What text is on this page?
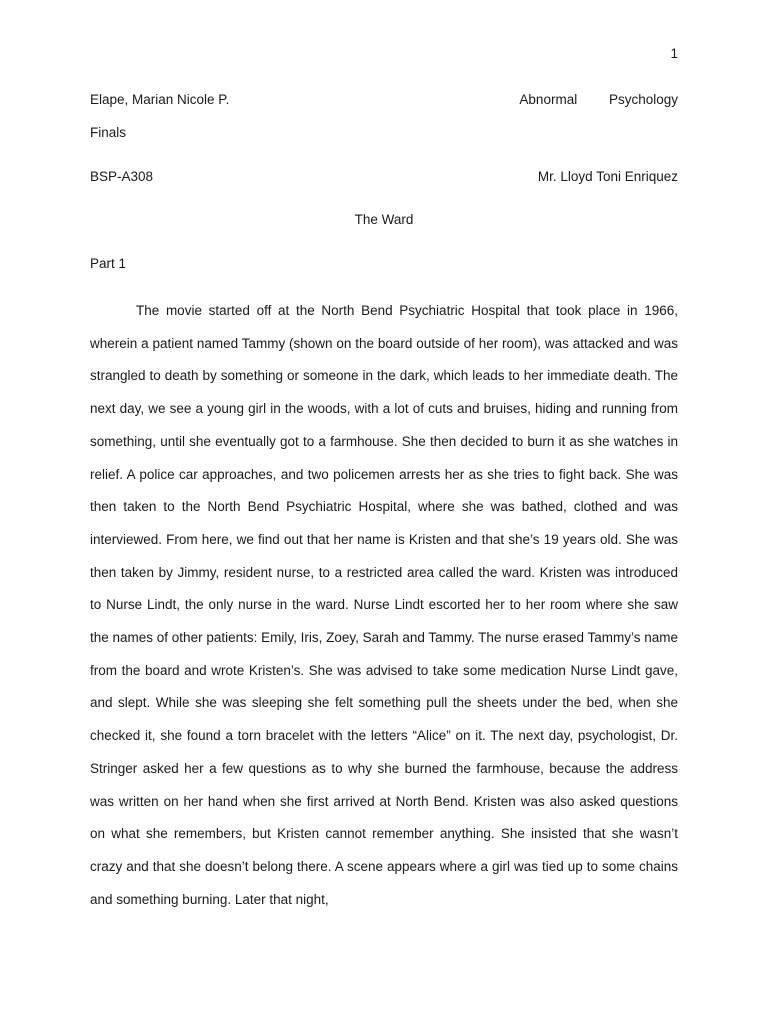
1
Elape, Marian Nicole P.	Abnormal Psychology
Finals
BSP-A308	Mr. Lloyd Toni Enriquez
The Ward
Part 1

The movie started off at the North Bend Psychiatric Hospital that took place in 1966, wherein a patient named Tammy (shown on the board outside of her room), was attacked and was strangled to death by something or someone in the dark, which leads to her immediate death. The next day, we see a young girl in the woods, with a lot of cuts and bruises, hiding and running from something, until she eventually got to a farmhouse. She then decided to burn it as she watches in relief. A police car approaches, and two policemen arrests her as she tries to fight back. She was then taken to the North Bend Psychiatric Hospital, where she was bathed, clothed and was interviewed. From here, we find out that her name is Kristen and that she’s 19 years old. She was then taken by Jimmy, resident nurse, to a restricted area called the ward. Kristen was introduced to Nurse Lindt, the only nurse in the ward. Nurse Lindt escorted her to her room where she saw the names of other patients: Emily, Iris, Zoey, Sarah and Tammy. The nurse erased Tammy’s name from the board and wrote Kristen’s. She was advised to take some medication Nurse Lindt gave, and slept. While she was sleeping she felt something pull the sheets under the bed, when she checked it, she found a torn bracelet with the letters “Alice” on it. The next day, psychologist, Dr. Stringer asked her a few questions as to why she burned the farmhouse, because the address was written on her hand when she first arrived at North Bend. Kristen was also asked questions on what she remembers, but Kristen cannot remember anything. She insisted that she wasn’t crazy and that she doesn’t belong there. A scene appears where a girl was tied up to some chains and something burning. Later that night,
